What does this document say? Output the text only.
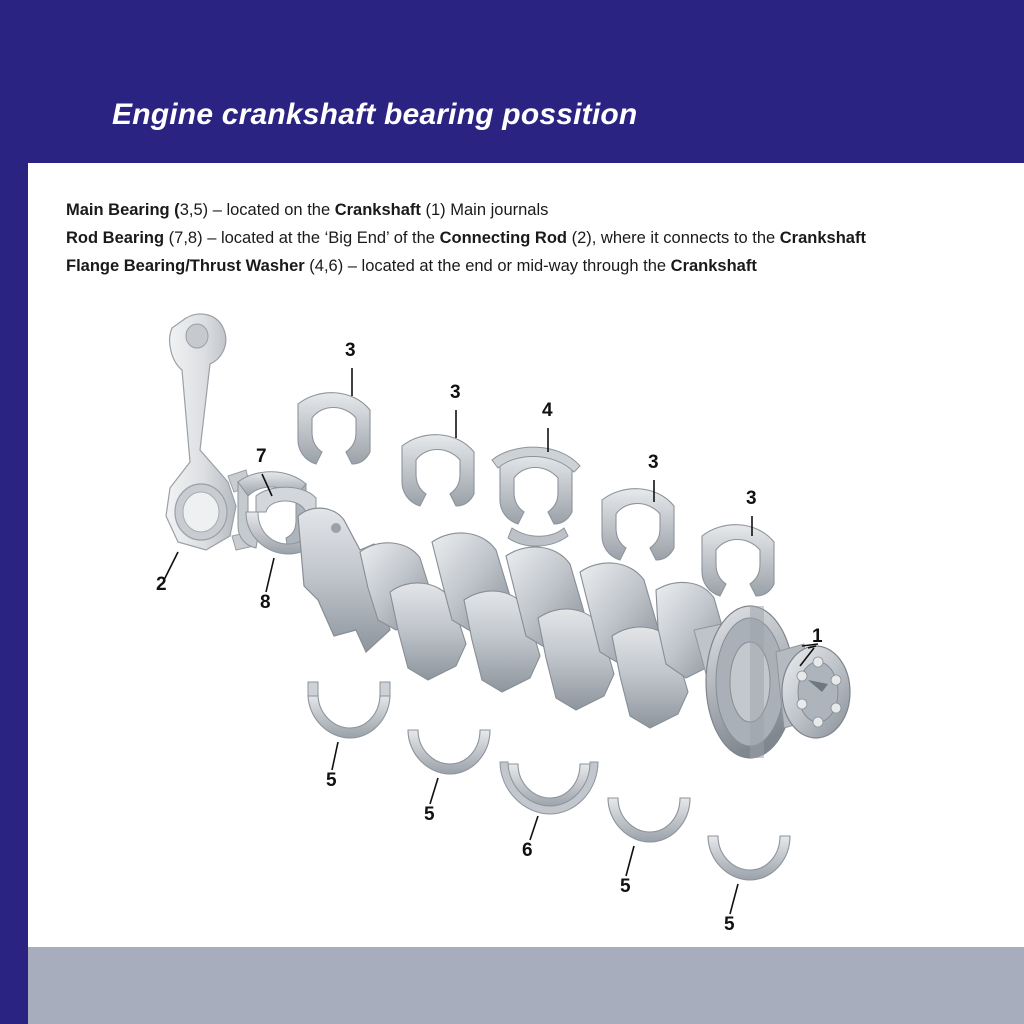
Engine crankshaft bearing possition
Main Bearing (3,5) – located on the Crankshaft (1) Main journals
Rod Bearing (7,8) – located at the ‘Big End’ of the Connecting Rod (2), where it connects to the Crankshaft
Flange Bearing/Thrust Washer (4,6) – located at the end or mid-way through the Crankshaft
2
3
3
4
3
3
7
8
1
5
5
6
5
5
